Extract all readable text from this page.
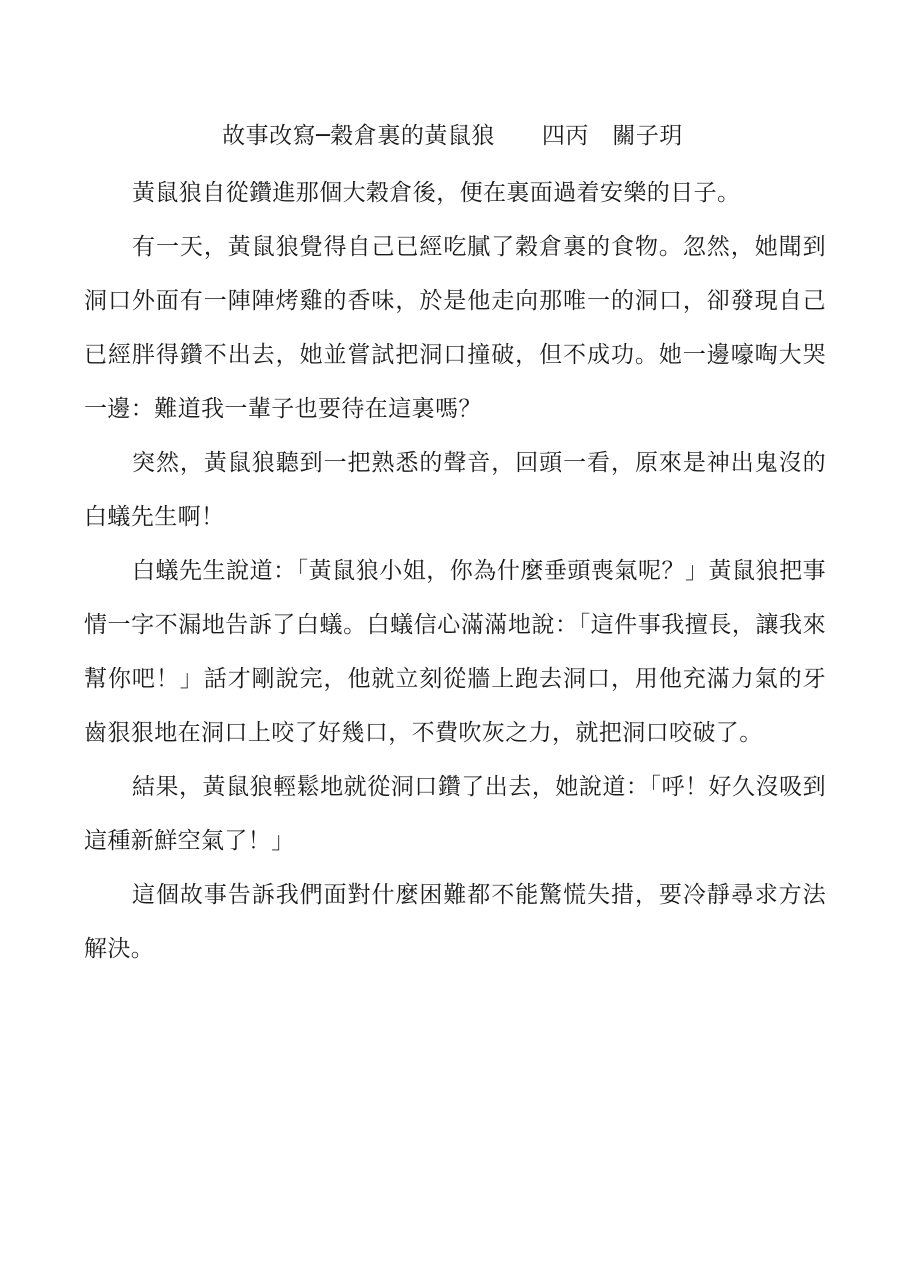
故事改寫─穀倉裏的黃鼠狼　　四丙　關子玥

黃鼠狼自從鑽進那個大穀倉後，便在裏面過着安樂的日子。

有一天，黃鼠狼覺得自己已經吃膩了穀倉裏的食物。忽然，她聞到洞口外面有一陣陣烤雞的香味，於是他走向那唯一的洞口，卻發現自己已經胖得鑽不出去，她並嘗試把洞口撞破，但不成功。她一邊嚎啕大哭一邊：難道我一輩子也要待在這裏嗎？

突然，黃鼠狼聽到一把熟悉的聲音，回頭一看，原來是神出鬼沒的白蟻先生啊！

白蟻先生說道：「黃鼠狼小姐，你為什麼垂頭喪氣呢？」黃鼠狼把事情一字不漏地告訴了白蟻。白蟻信心滿滿地說：「這件事我擅長，讓我來幫你吧！」話才剛說完，他就立刻從牆上跑去洞口，用他充滿力氣的牙齒狠狠地在洞口上咬了好幾口，不費吹灰之力，就把洞口咬破了。

結果，黃鼠狼輕鬆地就從洞口鑽了出去，她說道：「呼！好久沒吸到這種新鮮空氣了！」

這個故事告訴我們面對什麼困難都不能驚慌失措，要冷靜尋求方法解決。
